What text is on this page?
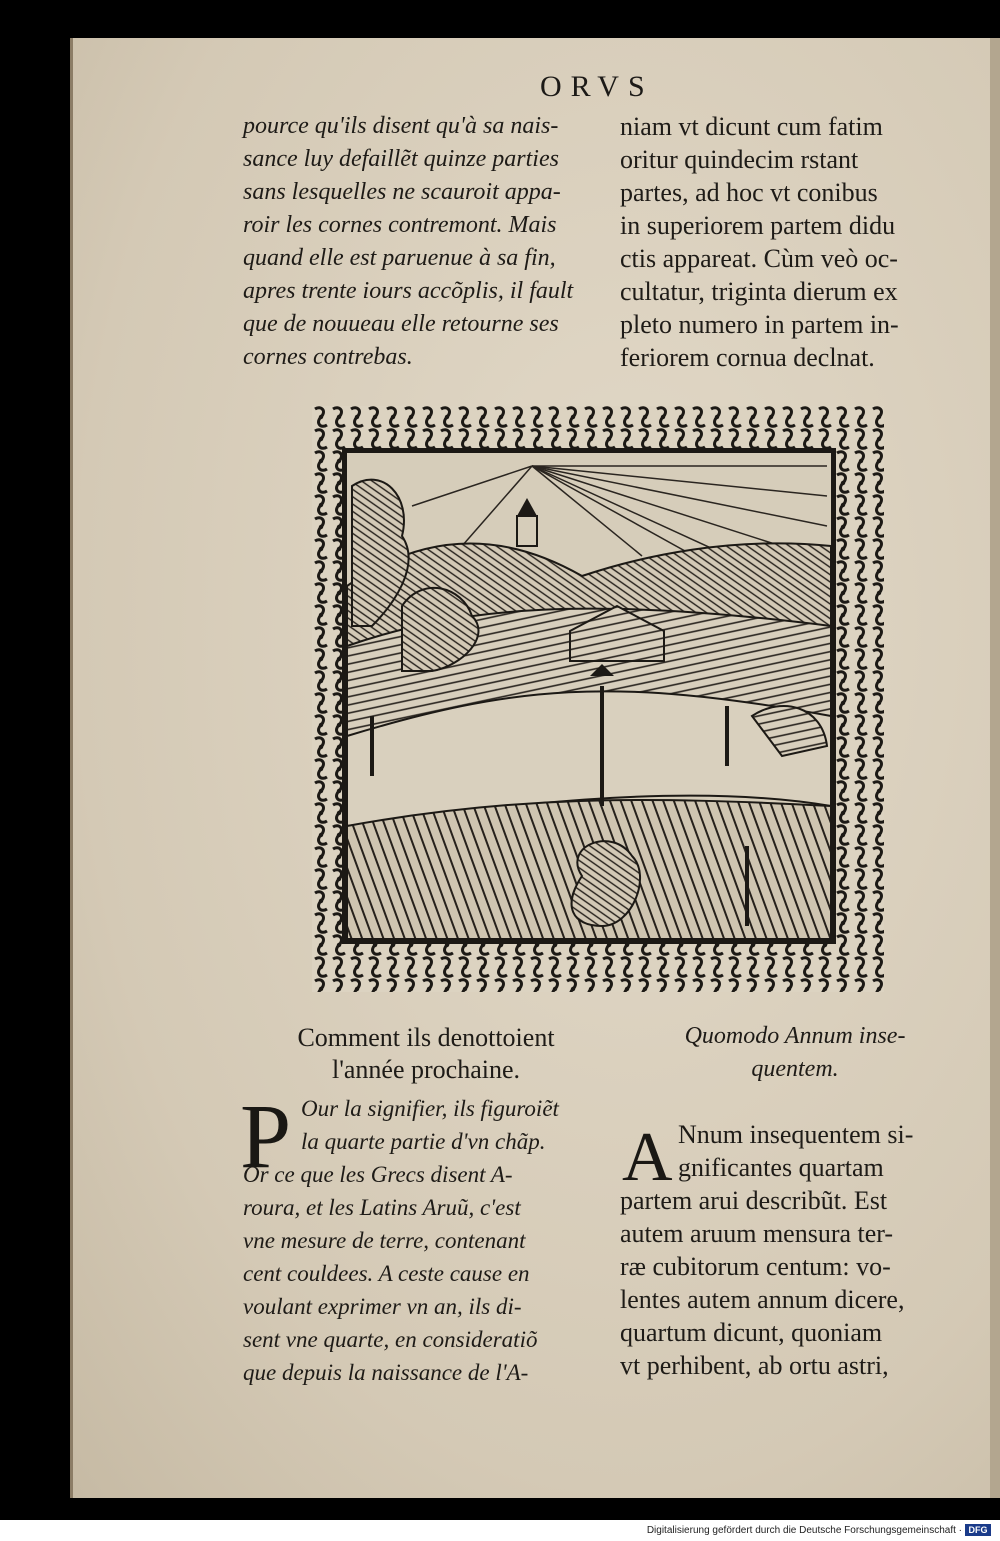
ORVS
pource qu'ils disent qu'à sa nais-
sance luy defaillẽt quinze parties
sans lesquelles ne scauroit appa-
roir les cornes contremont. Mais
quand elle est paruenue à sa fin,
apres trente iours accõplis, il fault
que de nouueau elle retourne ses
cornes contrebas.
niam vt dicunt cum fatim
oritur quindecim rstant
partes, ad hoc vt conibus
in superiorem partem didu
ctis appareat. Cùm veò oc-
cultatur, triginta dierum ex
pleto numero in partem in-
feriorem cornua declnat.
Comment ils denottoient
l'année prochaine.
Quomodo Annum inse-
quentem.
P Our la signifier, ils figuroiẽt
la quarte partie d'vn chãp.
Or ce que les Grecs disent A-
roura, et les Latins Aruũ, c'est
vne mesure de terre, contenant
cent couldees. A ceste cause en
voulant exprimer vn an, ils di-
sent vne quarte, en consideratiõ
que depuis la naissance de l'A-
A Nnum insequentem si-
gnificantes quartam
partem arui describũt. Est
autem aruum mensura ter-
ræ cubitorum centum: vo-
lentes autem annum dicere,
quartum dicunt, quoniam
vt perhibent, ab ortu astri,
Digitalisierung gefördert durch die Deutsche Forschungsgemeinschaft · DFG
